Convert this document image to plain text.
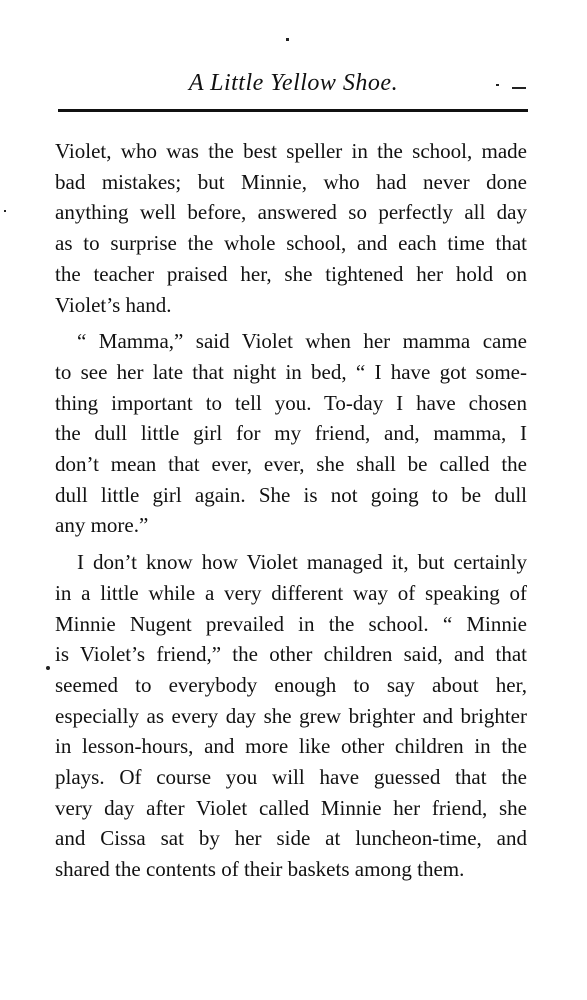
A Little Yellow Shoe.

Violet, who was the best speller in the school, made
bad mistakes; but Minnie, who had never done
anything well before, answered so perfectly all day
as to surprise the whole school, and each time that
the teacher praised her, she tightened her hold on
Violet’s hand.

“ Mamma,” said Violet when her mamma came
to see her late that night in bed, “ I have got some-
thing important to tell you. To-day I have chosen
the dull little girl for my friend, and, mamma, I
don’t mean that ever, ever, she shall be called the
dull little girl again. She is not going to be dull
any more.”

I don’t know how Violet managed it, but certainly
in a little while a very different way of speaking of
Minnie Nugent prevailed in the school. “ Minnie
is Violet’s friend,” the other children said, and that
seemed to everybody enough to say about her,
especially as every day she grew brighter and brighter
in lesson-hours, and more like other children in the
plays. Of course you will have guessed that the
very day after Violet called Minnie her friend, she
and Cissa sat by her side at luncheon-time, and
shared the contents of their baskets among them.
